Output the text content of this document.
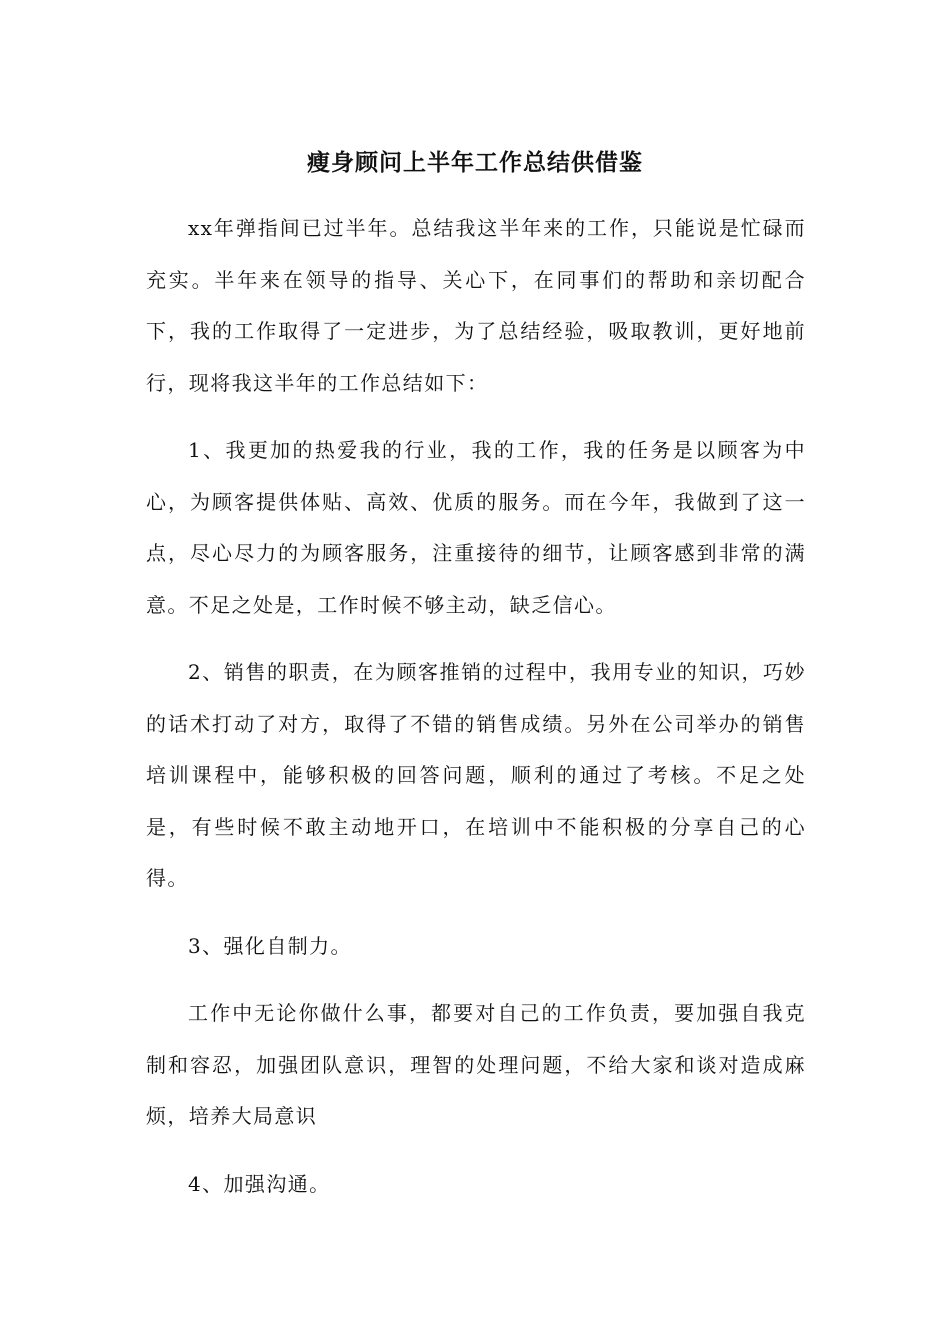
瘦身顾问上半年工作总结供借鉴

xx年弹指间已过半年。总结我这半年来的工作，只能说是忙碌而充实。半年来在领导的指导、关心下，在同事们的帮助和亲切配合下，我的工作取得了一定进步，为了总结经验，吸取教训，更好地前行，现将我这半年的工作总结如下：

1、我更加的热爱我的行业，我的工作，我的任务是以顾客为中心，为顾客提供体贴、高效、优质的服务。而在今年，我做到了这一点，尽心尽力的为顾客服务，注重接待的细节，让顾客感到非常的满意。不足之处是，工作时候不够主动，缺乏信心。

2、销售的职责，在为顾客推销的过程中，我用专业的知识，巧妙的话术打动了对方，取得了不错的销售成绩。另外在公司举办的销售培训课程中，能够积极的回答问题，顺利的通过了考核。不足之处是，有些时候不敢主动地开口，在培训中不能积极的分享自己的心得。

3、强化自制力。

工作中无论你做什么事，都要对自己的工作负责，要加强自我克制和容忍，加强团队意识，理智的处理问题，不给大家和谈对造成麻烦，培养大局意识

4、加强沟通。
